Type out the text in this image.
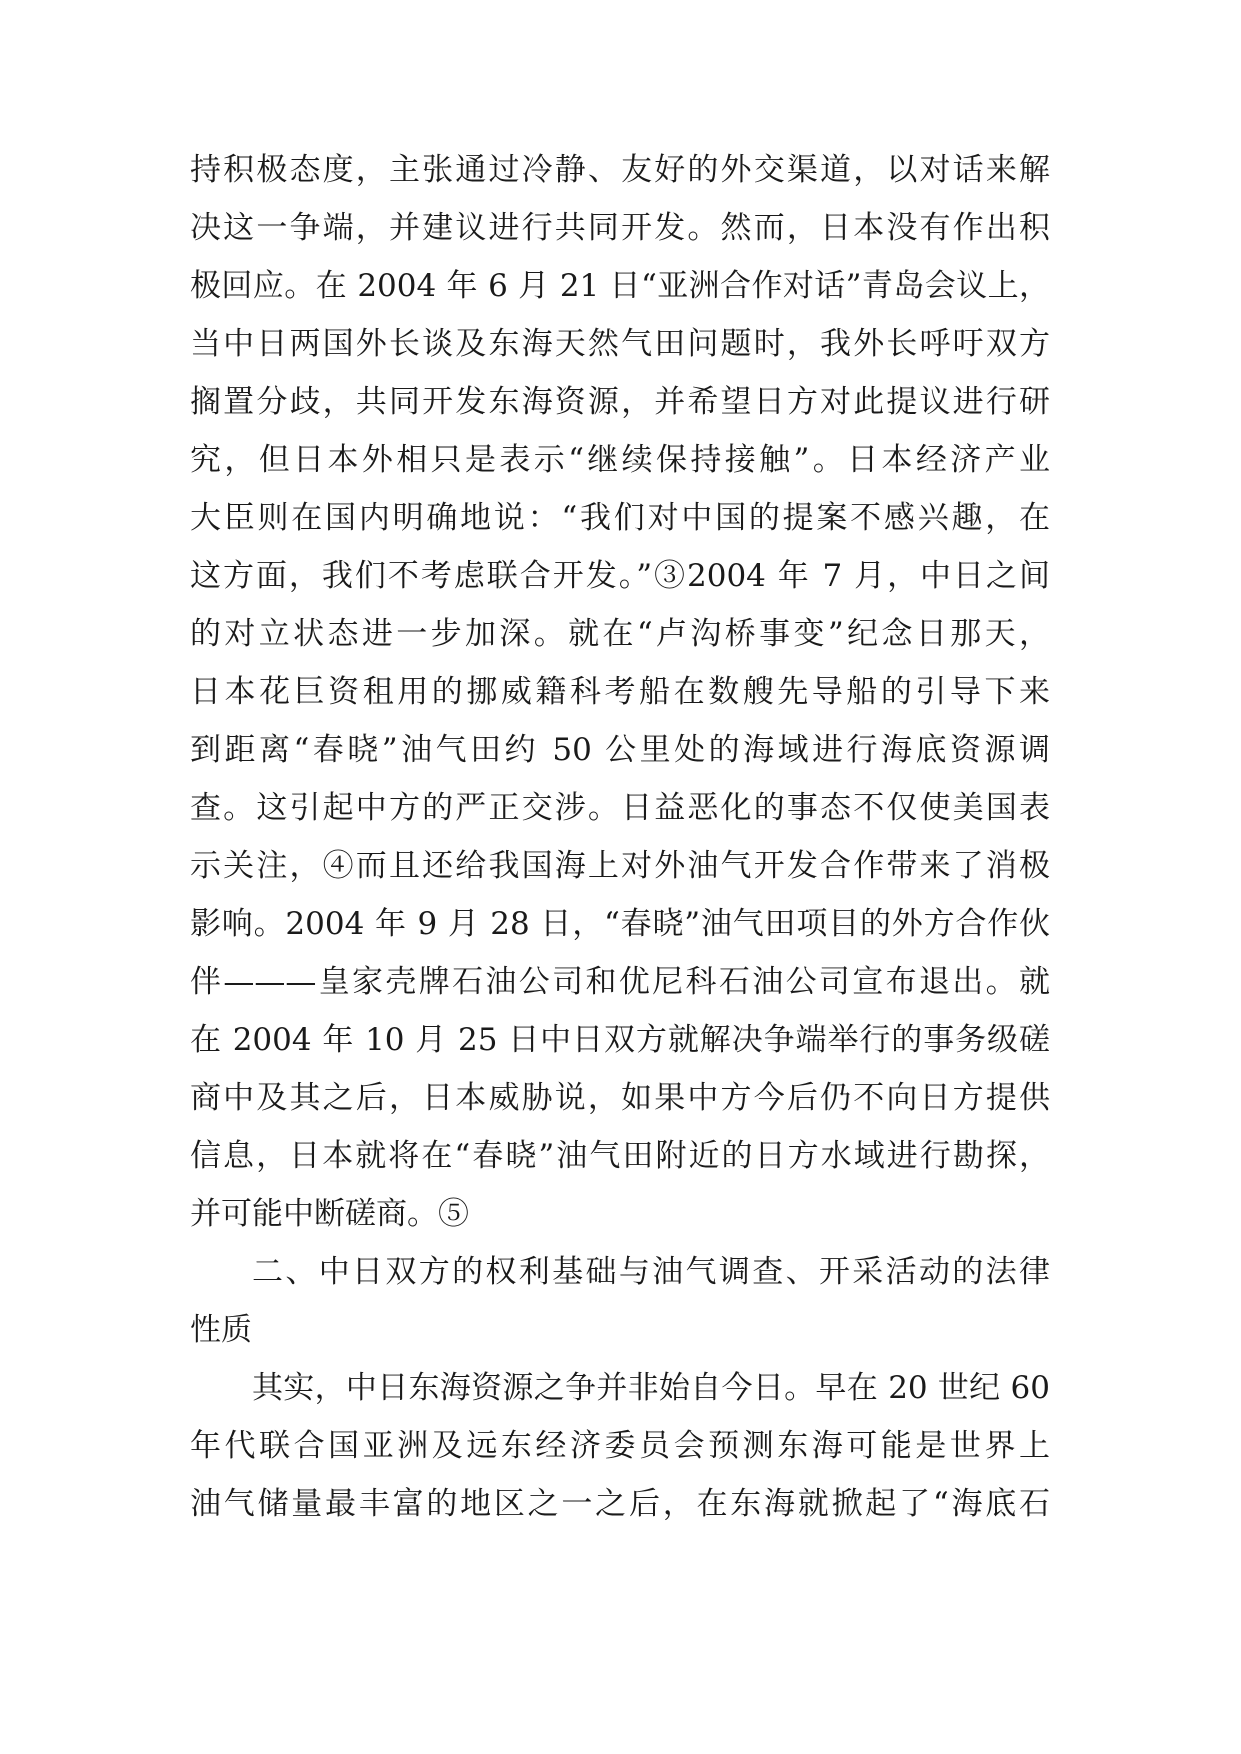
持积极态度，主张通过冷静、友好的外交渠道，以对话来解
决这一争端，并建议进行共同开发。然而，日本没有作出积
极回应。在 2004 年 6 月 21 日“亚洲合作对话”青岛会议上，
当中日两国外长谈及东海天然气田问题时，我外长呼吁双方
搁置分歧，共同开发东海资源，并希望日方对此提议进行研
究，但日本外相只是表示“继续保持接触”。日本经济产业
大臣则在国内明确地说：“我们对中国的提案不感兴趣，在
这方面，我们不考虑联合开发。”③2004 年 7 月，中日之间
的对立状态进一步加深。就在“卢沟桥事变”纪念日那天，
日本花巨资租用的挪威籍科考船在数艘先导船的引导下来
到距离“春晓”油气田约 50 公里处的海域进行海底资源调
查。这引起中方的严正交涉。日益恶化的事态不仅使美国表
示关注，④而且还给我国海上对外油气开发合作带来了消极
影响。2004 年 9 月 28 日，“春晓”油气田项目的外方合作伙
伴———皇家壳牌石油公司和优尼科石油公司宣布退出。就
在 2004 年 10 月 25 日中日双方就解决争端举行的事务级磋
商中及其之后，日本威胁说，如果中方今后仍不向日方提供
信息，日本就将在“春晓”油气田附近的日方水域进行勘探，
并可能中断磋商。⑤
二、中日双方的权利基础与油气调查、开采活动的法律
性质
其实，中日东海资源之争并非始自今日。早在 20 世纪 60
年代联合国亚洲及远东经济委员会预测东海可能是世界上
油气储量最丰富的地区之一之后，在东海就掀起了“海底石
